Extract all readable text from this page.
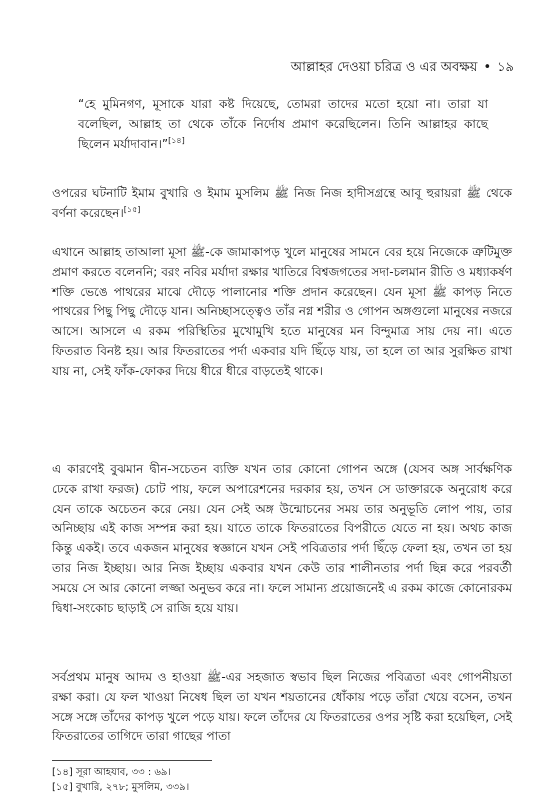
আল্লাহর দেওয়া চরিত্র ও এর অবক্ষয় • ১৯

“হে মুমিনগণ, মূসাকে যারা কষ্ট দিয়েছে, তোমরা তাদের মতো হয়ো না। তারা যা বলেছিল, আল্লাহ তা থেকে তাঁকে নির্দোষ প্রমাণ করেছিলেন। তিনি আল্লাহর কাছে ছিলেন মর্যাদাবান।”[১৪]

ওপরের ঘটনাটি ইমাম বুখারি ও ইমাম মুসলিম ﷺ নিজ নিজ হাদীসগ্রন্থে আবূ হুরায়রা ﷺ থেকে বর্ণনা করেছেন।[১৫]

এখানে আল্লাহ তাআলা মূসা ﷺ-কে জামাকাপড় খুলে মানুষের সামনে বের হয়ে নিজেকে ত্রুটিমুক্ত প্রমাণ করতে বলেননি; বরং নবির মর্যাদা রক্ষার খাতিরে বিশ্বজগতের সদা-চলমান রীতি ও মধ্যাকর্ষণ শক্তি ভেঙে পাথরের মাঝে দৌড়ে পালানোর শক্তি প্রদান করেছেন। যেন মূসা ﷺ কাপড় নিতে পাথরের পিছু পিছু দৌড়ে যান। অনিচ্ছাসত্ত্বেও তাঁর নগ্ন শরীর ও গোপন অঙ্গগুলো মানুষের নজরে আসে। আসলে এ রকম পরিস্থিতির মুখোমুখি হতে মানুষের মন বিন্দুমাত্র সায় দেয় না। এতে ফিতরাত বিনষ্ট হয়। আর ফিতরাতের পর্দা একবার যদি ছিঁড়ে যায়, তা হলে তা আর সুরক্ষিত রাখা যায় না, সেই ফাঁক-ফোকর দিয়ে ধীরে ধীরে বাড়তেই থাকে।

এ কারণেই বুঝমান দ্বীন-সচেতন ব্যক্তি যখন তার কোনো গোপন অঙ্গে (যেসব অঙ্গ সার্বক্ষণিক ঢেকে রাখা ফরজ) চোট পায়, ফলে অপারেশনের দরকার হয়, তখন সে ডাক্তারকে অনুরোধ করে যেন তাকে অচেতন করে নেয়। যেন সেই অঙ্গ উন্মোচনের সময় তার অনুভূতি লোপ পায়, তার অনিচ্ছায় এই কাজ সম্পন্ন করা হয়। যাতে তাকে ফিতরাতের বিপরীতে যেতে না হয়। অথচ কাজ কিন্তু একই। তবে একজন মানুষের স্বজ্ঞানে যখন সেই পবিত্রতার পর্দা ছিঁড়ে ফেলা হয়, তখন তা হয় তার নিজ ইচ্ছায়। আর নিজ ইচ্ছায় একবার যখন কেউ তার শালীনতার পর্দা ছিন্ন করে পরবর্তী সময়ে সে আর কোনো লজ্জা অনুভব করে না। ফলে সামান্য প্রয়োজনেই এ রকম কাজে কোনোরকম দ্বিধা-সংকোচ ছাড়াই সে রাজি হয়ে যায়।

সর্বপ্রথম মানুষ আদম ও হাওয়া ﷺ-এর সহজাত স্বভাব ছিল নিজের পবিত্রতা এবং গোপনীয়তা রক্ষা করা। যে ফল খাওয়া নিষেধ ছিল তা যখন শয়তানের ধোঁকায় পড়ে তাঁরা খেয়ে বসেন, তখন সঙ্গে সঙ্গে তাঁদের কাপড় খুলে পড়ে যায়। ফলে তাঁদের যে ফিতরাতের ওপর সৃষ্টি করা হয়েছিল, সেই ফিতরাতের তাগিদে তারা গাছের পাতা

[১৪] সূরা আহযাব, ৩৩ : ৬৯।
[১৫] বুখারি, ২৭৮; মুসলিম, ৩৩৯।
